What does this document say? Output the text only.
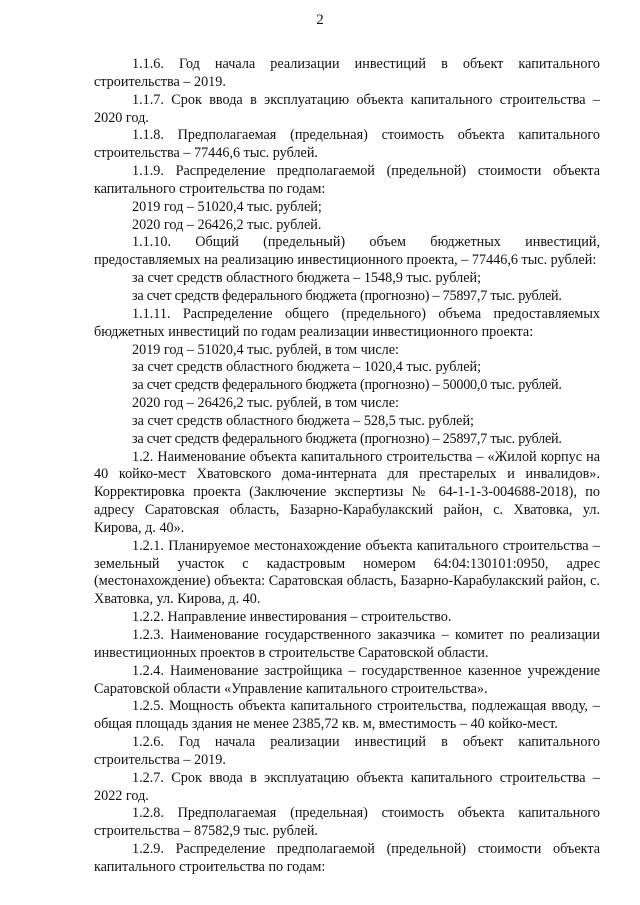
2

1.1.6. Год начала реализации инвестиций в объект капитального строительства – 2019.

1.1.7. Срок ввода в эксплуатацию объекта капитального строительства – 2020 год.

1.1.8. Предполагаемая (предельная) стоимость объекта капитального строительства – 77446,6 тыс. рублей.

1.1.9. Распределение предполагаемой (предельной) стоимости объекта капитального строительства по годам:

2019 год – 51020,4 тыс. рублей;

2020 год – 26426,2 тыс. рублей.

1.1.10. Общий (предельный) объем бюджетных инвестиций, предоставляемых на реализацию инвестиционного проекта, – 77446,6 тыс. рублей:

за счет средств областного бюджета – 1548,9 тыс. рублей;

за счет средств федерального бюджета (прогнозно) – 75897,7 тыс. рублей.

1.1.11. Распределение общего (предельного) объема предоставляемых бюджетных инвестиций по годам реализации инвестиционного проекта:

2019 год – 51020,4 тыс. рублей, в том числе:

за счет средств областного бюджета – 1020,4 тыс. рублей;

за счет средств федерального бюджета (прогнозно) – 50000,0 тыс. рублей.

2020 год – 26426,2 тыс. рублей, в том числе:

за счет средств областного бюджета – 528,5 тыс. рублей;

за счет средств федерального бюджета (прогнозно) – 25897,7 тыс. рублей.

1.2. Наименование объекта капитального строительства – «Жилой корпус на 40 койко-мест Хватовского дома-интерната для престарелых и инвалидов». Корректировка проекта (Заключение экспертизы № 64-1-1-3-004688-2018), по адресу Саратовская область, Базарно-Карабулакский район, с. Хватовка, ул. Кирова, д. 40».

1.2.1. Планируемое местонахождение объекта капитального строительства – земельный участок с кадастровым номером 64:04:130101:0950, адрес (местонахождение) объекта: Саратовская область, Базарно-Карабулакский район, с. Хватовка, ул. Кирова, д. 40.

1.2.2. Направление инвестирования – строительство.

1.2.3. Наименование государственного заказчика – комитет по реализации инвестиционных проектов в строительстве Саратовской области.

1.2.4. Наименование застройщика – государственное казенное учреждение Саратовской области «Управление капитального строительства».

1.2.5. Мощность объекта капитального строительства, подлежащая вводу, – общая площадь здания не менее 2385,72 кв. м, вместимость – 40 койко-мест.

1.2.6. Год начала реализации инвестиций в объект капитального строительства – 2019.

1.2.7. Срок ввода в эксплуатацию объекта капитального строительства – 2022 год.

1.2.8. Предполагаемая (предельная) стоимость объекта капитального строительства – 87582,9 тыс. рублей.

1.2.9. Распределение предполагаемой (предельной) стоимости объекта капитального строительства по годам:
